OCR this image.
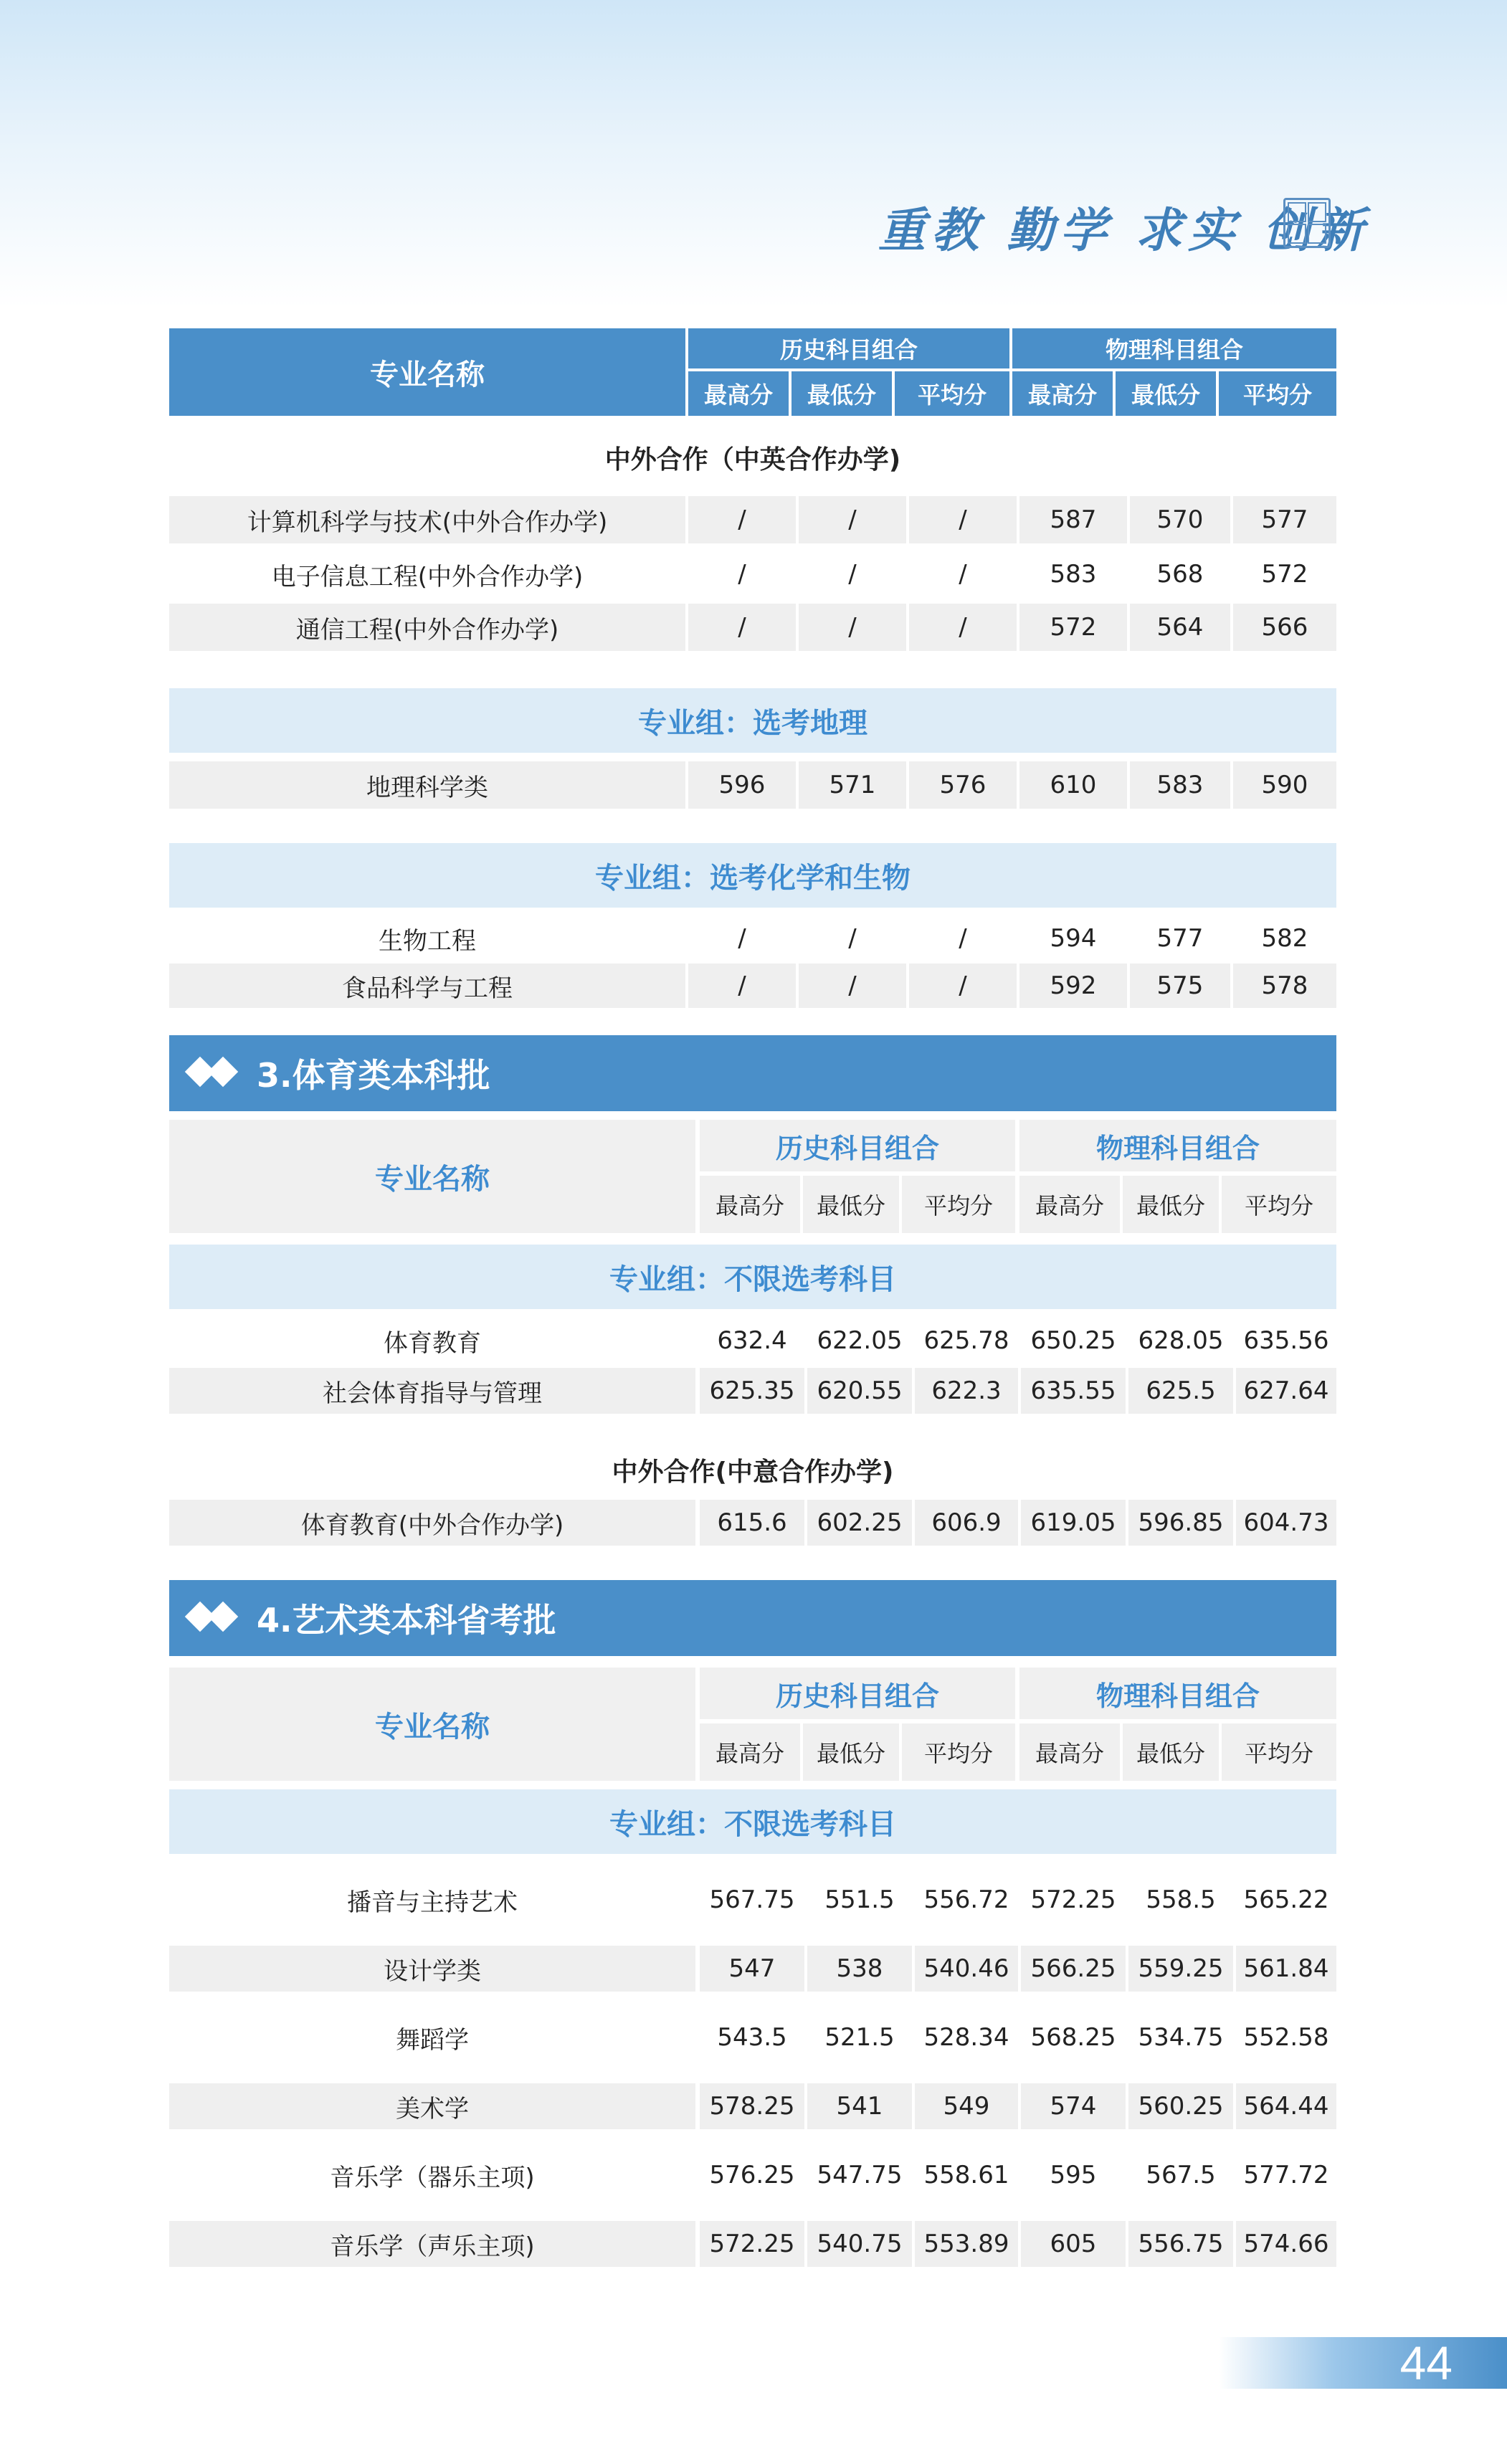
重教 勤学 求实 创新
专业名称
历史科目组合	物理科目组合
最高分	最低分	平均分	最高分	最低分	平均分
中外合作（中英合作办学)
计算机科学与技术(中外合作办学)	/	/	/	587	570	577
电子信息工程(中外合作办学)	/	/	/	583	568	572
通信工程(中外合作办学)	/	/	/	572	564	566
专业组：选考地理
地理科学类	596	571	576	610	583	590
专业组：选考化学和生物
生物工程	/	/	/	594	577	582
食品科学与工程	/	/	/	592	575	578
3.体育类本科批
专业名称
历史科目组合	物理科目组合
最高分	最低分	平均分	最高分	最低分	平均分
专业组：不限选考科目
体育教育	632.4	622.05 625.78 650.25 628.05 635.56
社会体育指导与管理	625.35 620.55	622.3	635.55	625.5	627.64
中外合作(中意合作办学)
体育教育(中外合作办学)	615.6	602.25	606.9	619.05 596.85 604.73
4.艺术类本科省考批
专业名称
历史科目组合	物理科目组合
最高分	最低分	平均分	最高分	最低分	平均分
专业组：不限选考科目
播音与主持艺术	567.75	551.5	556.72 572.25	558.5	565.22
设计学类	547	538	540.46 566.25 559.25 561.84
舞蹈学	543.5	521.5	528.34 568.25 534.75 552.58
美术学	578.25	541	549	574	560.25 564.44
音乐学（器乐主项)	576.25 547.75 558.61	595	567.5	577.72
音乐学（声乐主项)	572.25 540.75 553.89	605	556.75 574.66
44
